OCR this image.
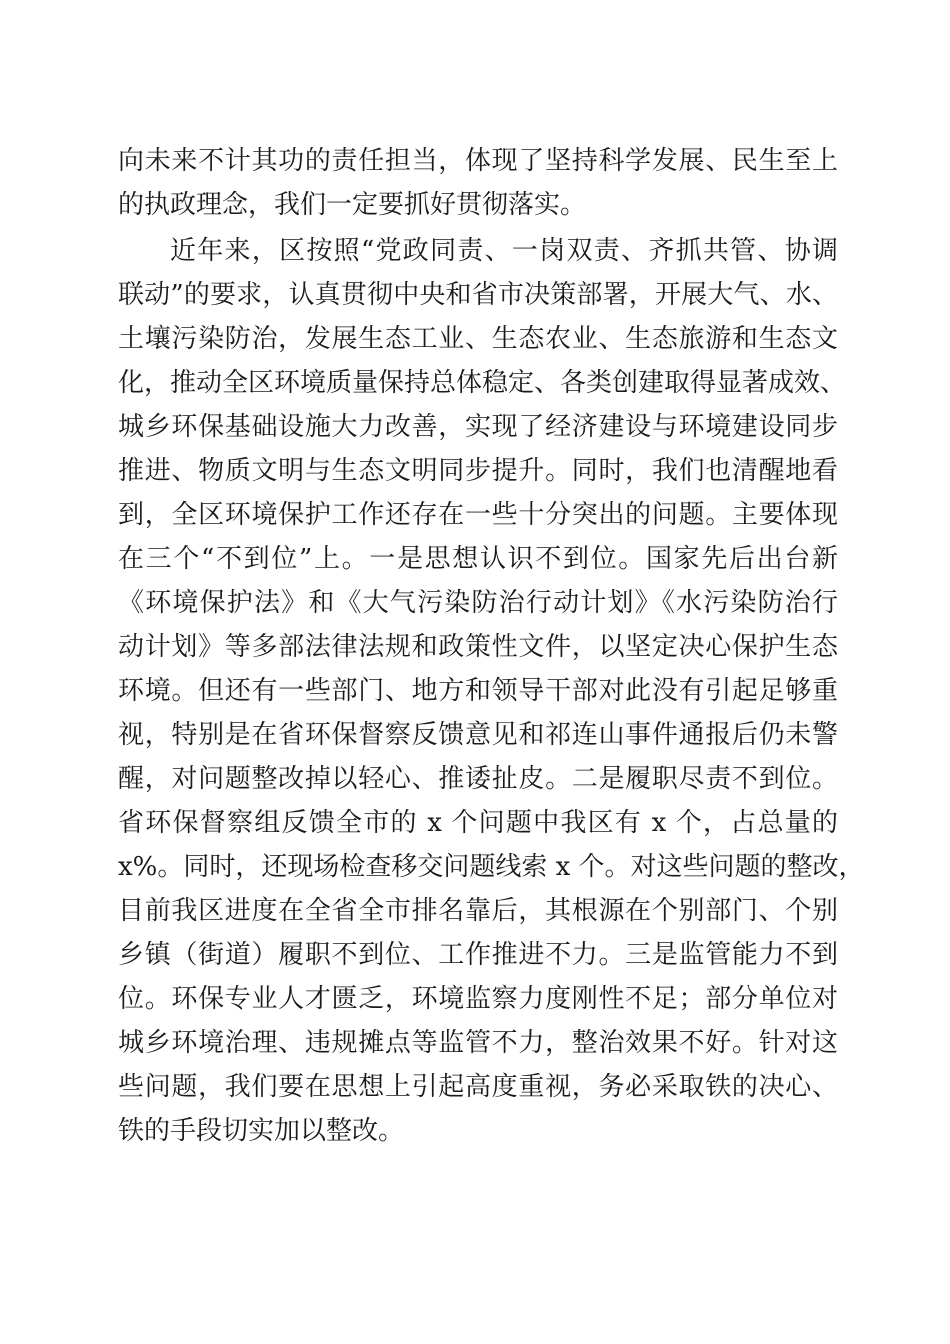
向未来不计其功的责任担当，体现了坚持科学发展、民生至上
的执政理念，我们一定要抓好贯彻落实。
近年来，区按照“党政同责、一岗双责、齐抓共管、协调
联动”的要求，认真贯彻中央和省市决策部署，开展大气、水、
土壤污染防治，发展生态工业、生态农业、生态旅游和生态文
化，推动全区环境质量保持总体稳定、各类创建取得显著成效、
城乡环保基础设施大力改善，实现了经济建设与环境建设同步
推进、物质文明与生态文明同步提升。同时，我们也清醒地看
到，全区环境保护工作还存在一些十分突出的问题。主要体现
在三个“不到位”上。一是思想认识不到位。国家先后出台新
《环境保护法》和《大气污染防治行动计划》《水污染防治行
动计划》等多部法律法规和政策性文件，以坚定决心保护生态
环境。但还有一些部门、地方和领导干部对此没有引起足够重
视，特别是在省环保督察反馈意见和祁连山事件通报后仍未警
醒，对问题整改掉以轻心、推诿扯皮。二是履职尽责不到位。
省环保督察组反馈全市的 x 个问题中我区有 x 个，占总量的
x%。同时，还现场检查移交问题线索 x 个。对这些问题的整改，
目前我区进度在全省全市排名靠后，其根源在个别部门、个别
乡镇（街道）履职不到位、工作推进不力。三是监管能力不到
位。环保专业人才匮乏，环境监察力度刚性不足；部分单位对
城乡环境治理、违规摊点等监管不力，整治效果不好。针对这
些问题，我们要在思想上引起高度重视，务必采取铁的决心、
铁的手段切实加以整改。
